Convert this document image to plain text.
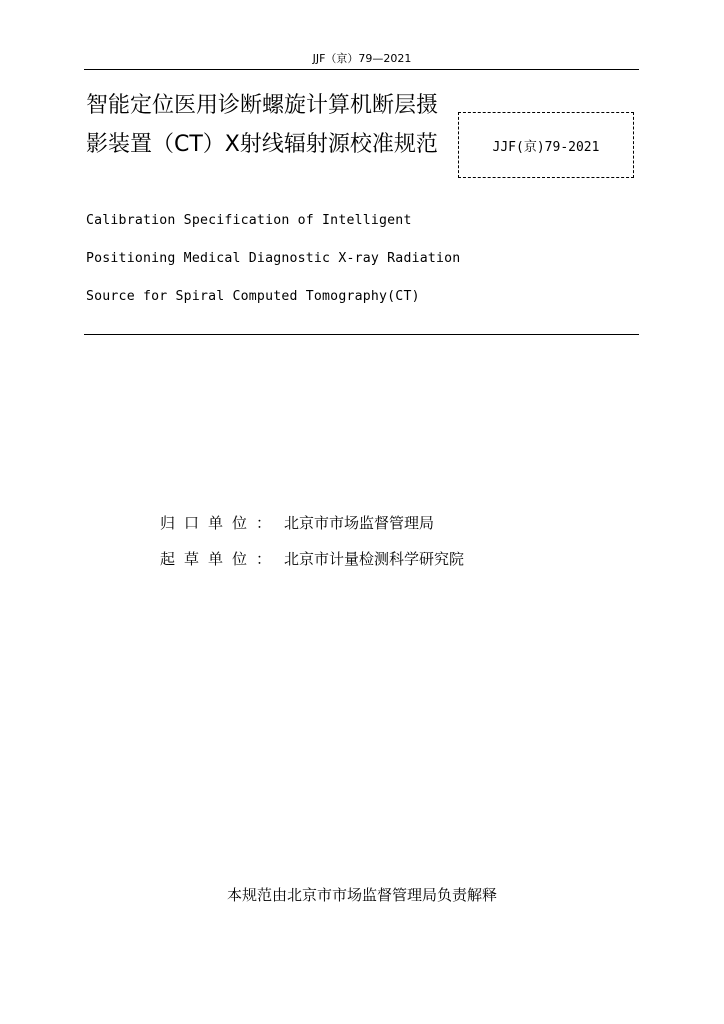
JJF（京）79—2021
智能定位医用诊断螺旋计算机断层摄影装置（CT）X射线辐射源校准规范	JJF(京)79-2021
Calibration Specification of Intelligent
Positioning Medical Diagnostic X-ray Radiation
Source for Spiral Computed Tomography(CT)
归口单位： 北京市市场监督管理局
起草单位： 北京市计量检测科学研究院
本规范由北京市市场监督管理局负责解释
